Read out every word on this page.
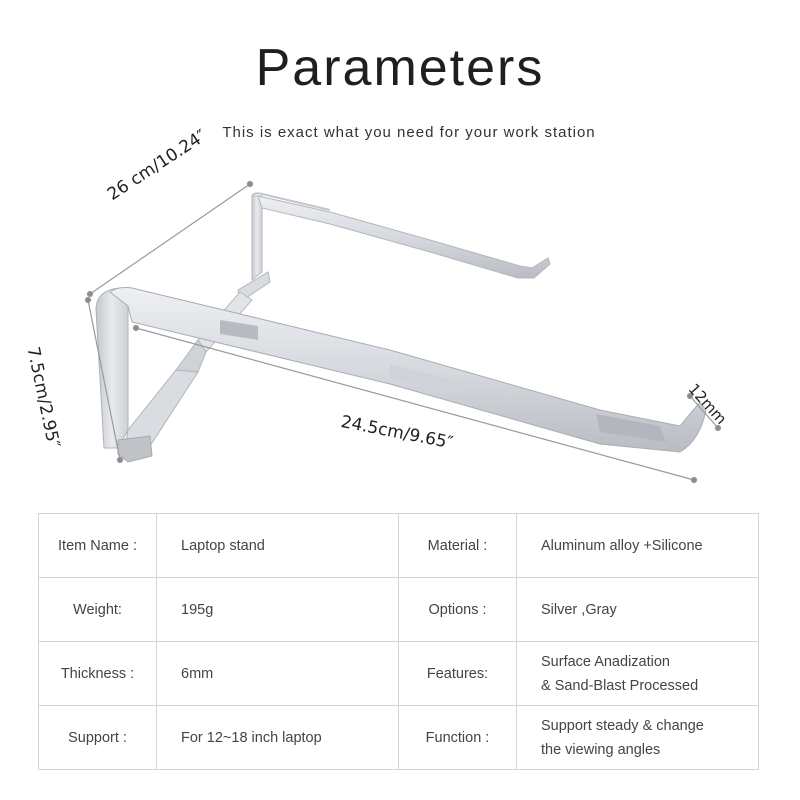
Parameters
This is exact what you need for your work station
26 cm/10.24″
7.5cm/2.95″	24.5cm/9.65″
12mm
Item Name :	Laptop stand	Material :	Aluminum alloy +Silicone

Weight:	195g	Options :	Silver ,Gray

Thickness :	6mm	Features:	Surface Anadization
& Sand-Blast Processed

Support :	For 12~18 inch laptop	Function :	Support steady & change
the viewing angles
